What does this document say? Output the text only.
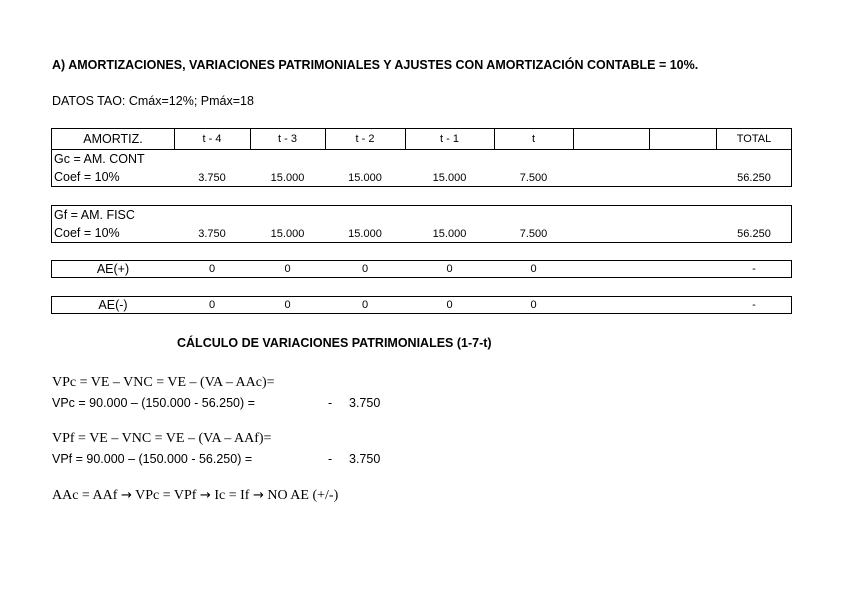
A) AMORTIZACIONES, VARIACIONES PATRIMONIALES Y AJUSTES CON AMORTIZACIÓN CONTABLE = 10%.
DATOS TAO: Cmáx=12%; Pmáx=18
AMORTIZ.	t - 4	t - 3	t - 2	t - 1	t	TOTAL
Gc = AM. CONT
Coef = 10%	3.750	15.000	15.000	15.000	7.500	56.250
Gf = AM. FISC
Coef = 10%	3.750	15.000	15.000	15.000	7.500	56.250
AE(+)	0	0	0	0	0	-
AE(-)	0	0	0	0	0	-
CÁLCULO DE VARIACIONES PATRIMONIALES (1-7-t)
VPc = VE – VNC = VE – (VA – AAc)=
VPc = 90.000 – (150.000 - 56.250) =	- 3.750
VPf = VE – VNC = VE – (VA – AAf)=
VPf = 90.000 – (150.000 - 56.250) =	- 3.750
AAc = AAf → VPc = VPf → Ic = If → NO AE (+/-)
